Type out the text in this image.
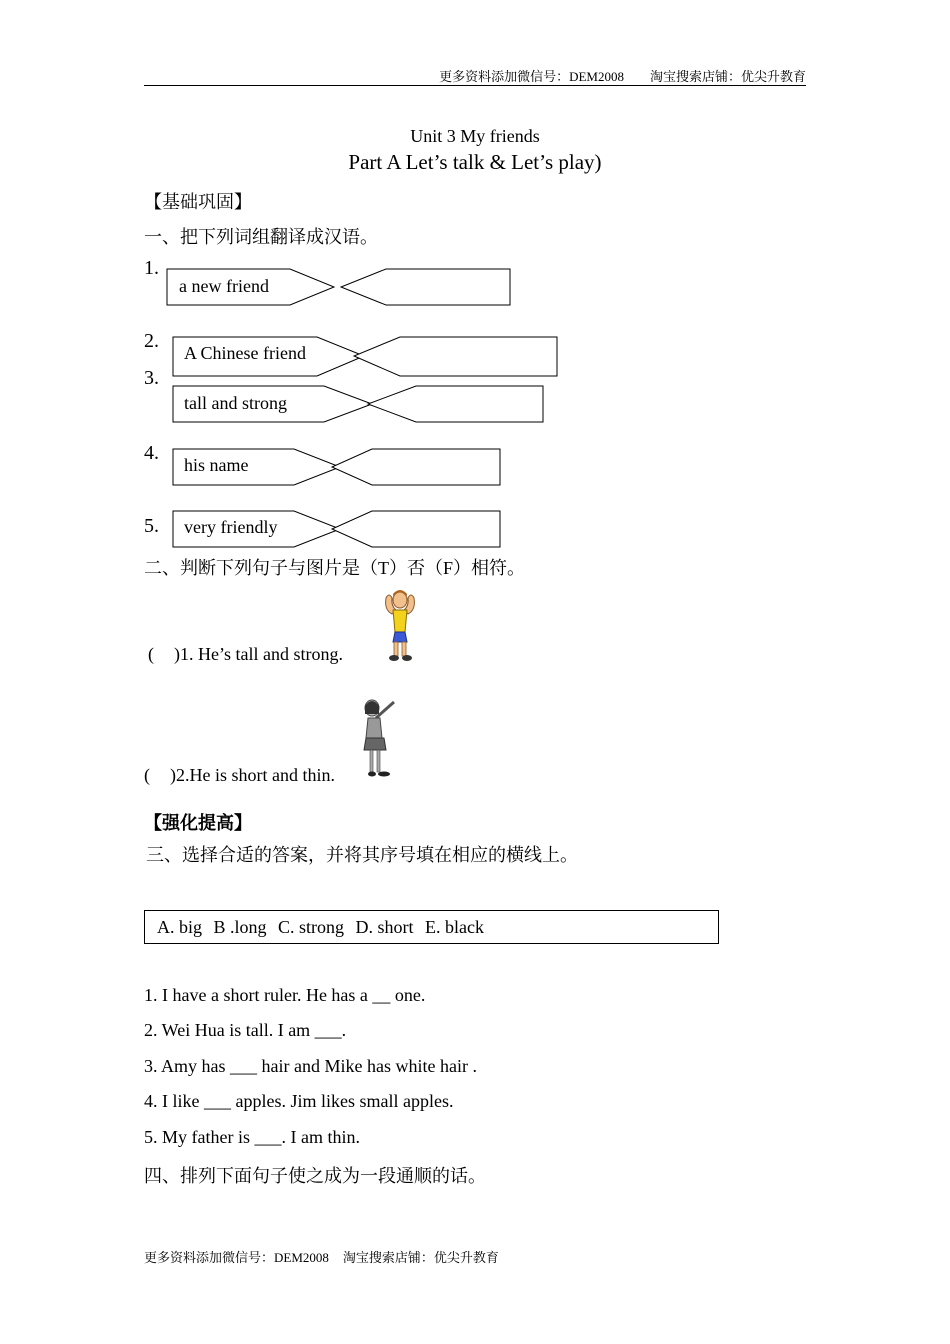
更多资料添加微信号：DEM2008 淘宝搜索店铺：优尖升教育
Unit 3 My friends
Part A Let’s talk & Let’s play)
【基础巩固】
一、把下列词组翻译成汉语。
1.
a new friend
2.
A Chinese friend
3.
tall and strong
4.
his name
5. very friendly
二、判断下列句子与图片是（T）否（F）相符。
( )1. He’s tall and strong.
( )2.He is short and thin.
【强化提高】
三、选择合适的答案，并将其序号填在相应的横线上。
A. big B .long C. strong D. short E. black
1. I have a short ruler. He has a __ one.
2. Wei Hua is tall. I am ___.
3. Amy has ___ hair and Mike has white hair .
4. I like ___ apples. Jim likes small apples.
5. My father is ___. I am thin.
四、排列下面句子使之成为一段通顺的话。
更多资料添加微信号：DEM2008 淘宝搜索店铺：优尖升教育
